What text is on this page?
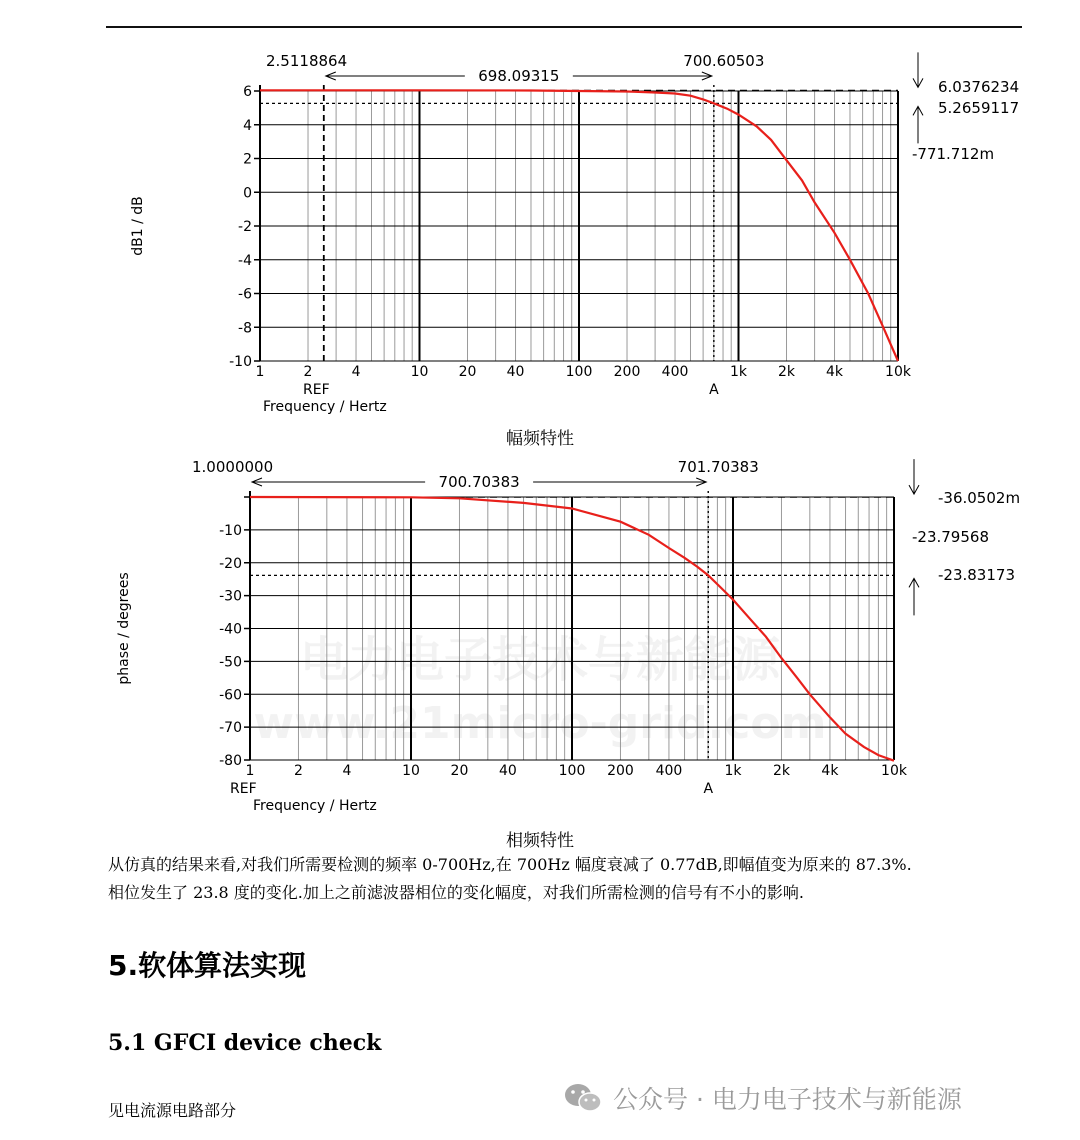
6
4
2
0
-2
-4
-6
-8
-10
1	2	4	10 20 40	100 200 400	1k 2k 4k	10k
dB1 / dB
Frequency / Hertz
REF	A
698.09315
2.5118864	700.60503
6.0376234
5.2659117
-771.712m
幅频特性
电力电子技术与新能源
www.21micro-grid.com
-10
-20
-30
-40
-50
-60
-70
-80
1	2	4	10 20 40	100 200 400	1k 2k 4k	10k
phase / degrees
Frequency / Hertz
REF	A
700.70383
1.0000000	701.70383
-36.0502m
-23.79568
-23.83173
相频特性
从仿真的结果来看,对我们所需要检测的频率 0-700Hz,在 700Hz 幅度衰减了 0.77dB,即幅值变为原来的 87.3%.
相位发生了 23.8 度的变化.加上之前滤波器相位的变化幅度，对我们所需检测的信号有不小的影响.
5.软体算法实现
5.1 GFCI device check
见电流源电路部分	公众号 · 电力电子技术与新能源
